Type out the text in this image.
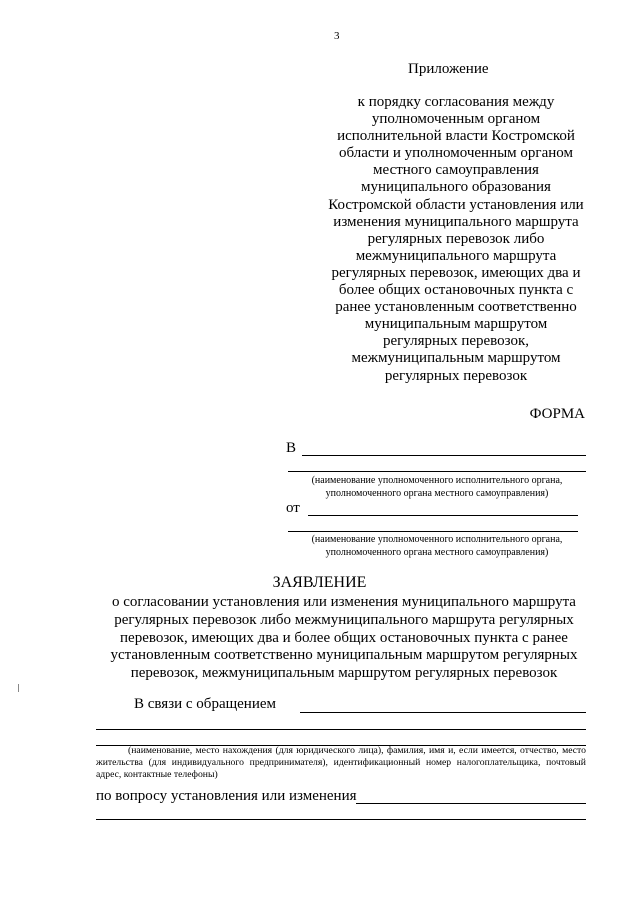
3
Приложение
к порядку согласования между
уполномоченным органом
исполнительной власти Костромской
области и уполномоченным органом
местного самоуправления
муниципального образования
Костромской области установления или
изменения муниципального маршрута
регулярных перевозок либо
межмуниципального маршрута
регулярных перевозок, имеющих два и
более общих остановочных пункта с
ранее установленным соответственно
муниципальным маршрутом
регулярных перевозок,
межмуниципальным маршрутом
регулярных перевозок
ФОРМА
В
(наименование уполномоченного исполнительного органа,
уполномоченного органа местного самоуправления)
от
(наименование уполномоченного исполнительного органа,
уполномоченного органа местного самоуправления)
ЗАЯВЛЕНИЕ
о согласовании установления или изменения муниципального маршрута
регулярных перевозок либо межмуниципального маршрута регулярных
перевозок, имеющих два и более общих остановочных пункта с ранее
установленным соответственно муниципальным маршрутом регулярных
перевозок, межмуниципальным маршрутом регулярных перевозок
В связи с обращением
(наименование, место нахождения (для юридического лица), фамилия, имя и, если имеется, отчество, место жительства (для индивидуального предпринимателя), идентификационный номер налогоплательщика, почтовый адрес, контактные телефоны)
по вопросу установления или изменения
